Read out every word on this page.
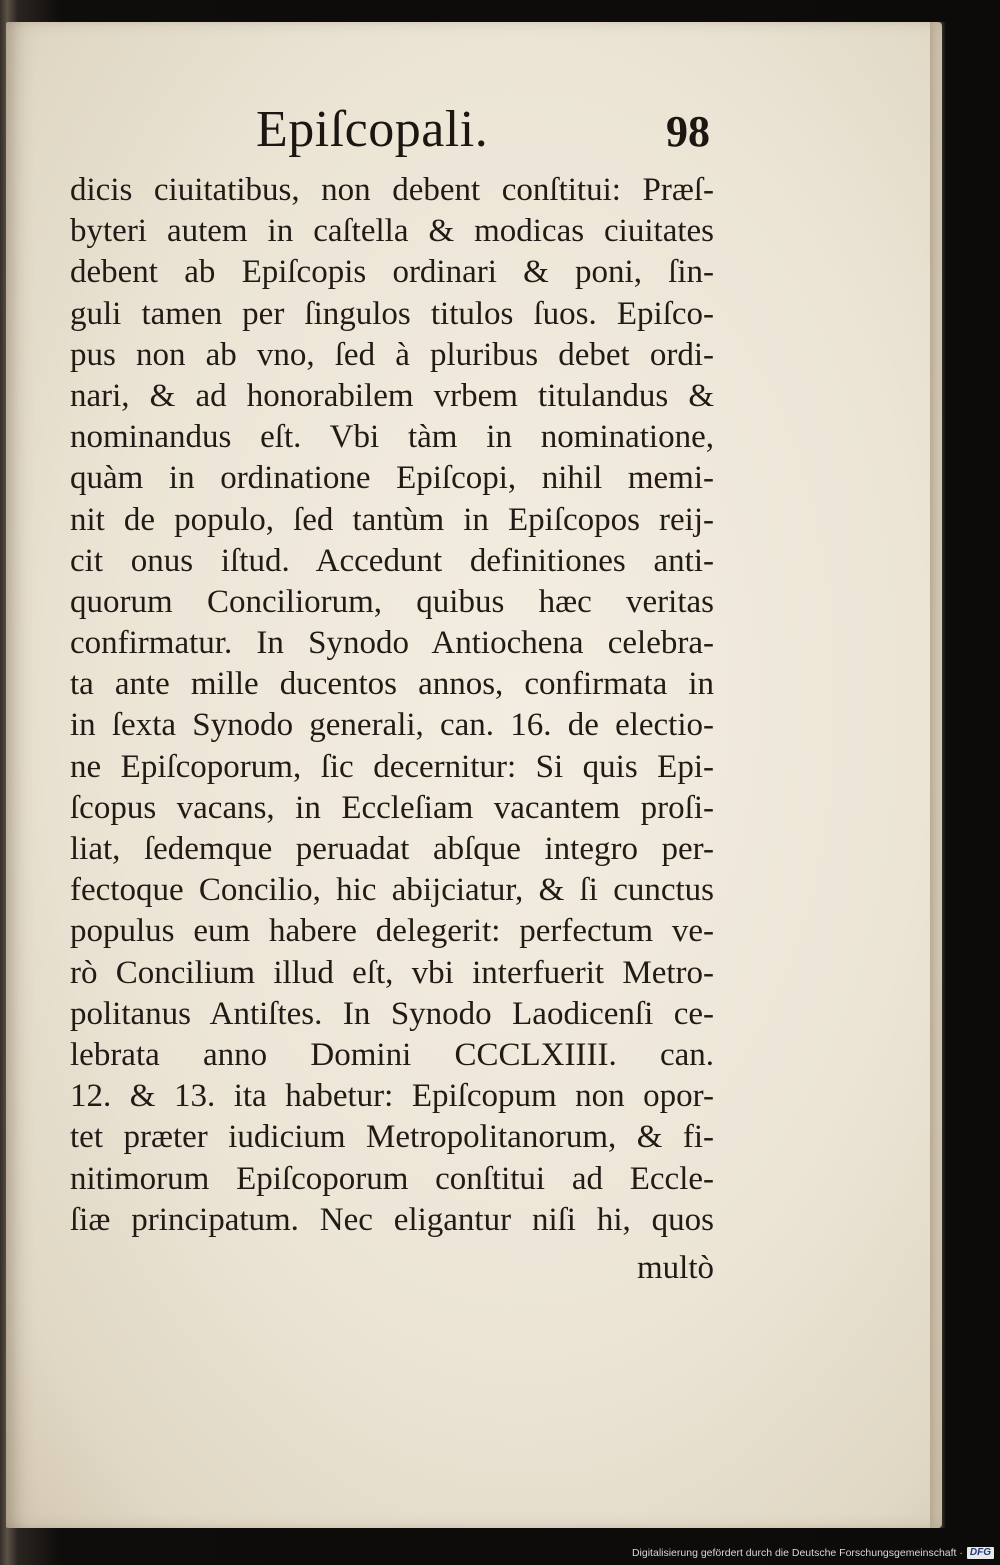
Epiſcopali.	98
dicis ciuitatibus, non debent conſtitui: Præſ-
byteri autem in caſtella & modicas ciuitates
debent ab Epiſcopis ordinari & poni, ſin-
guli tamen per ſingulos titulos ſuos. Epiſco-
pus non ab vno, ſed à pluribus debet ordi-
nari, & ad honorabilem vrbem titulandus &
nominandus eſt. Vbi tàm in nominatione,
quàm in ordinatione Epiſcopi, nihil memi-
nit de populo, ſed tantùm in Epiſcopos reij-
cit onus iſtud. Accedunt definitiones anti-
quorum Conciliorum, quibus hæc veritas
confirmatur. In Synodo Antiochena celebra-
ta ante mille ducentos annos, confirmata in
in ſexta Synodo generali, can. 16. de electio-
ne Epiſcoporum, ſic decernitur: Si quis Epi-
ſcopus vacans, in Eccleſiam vacantem proſi-
liat, ſedemque peruadat abſque integro per-
fectoque Concilio, hic abijciatur, & ſi cunctus
populus eum habere delegerit: perfectum ve-
rò Concilium illud eſt, vbi interfuerit Metro-
politanus Antiſtes. In Synodo Laodicenſi ce-
lebrata anno Domini CCCLXIIII. can.
12. & 13. ita habetur: Epiſcopum non opor-
tet præter iudicium Metropolitanorum, & fi-
nitimorum Epiſcoporum conſtitui ad Eccle-
ſiæ principatum. Nec eligantur niſi hi, quos
multò
Digitalisierung gefördert durch die Deutsche Forschungsgemeinschaft · DFG
